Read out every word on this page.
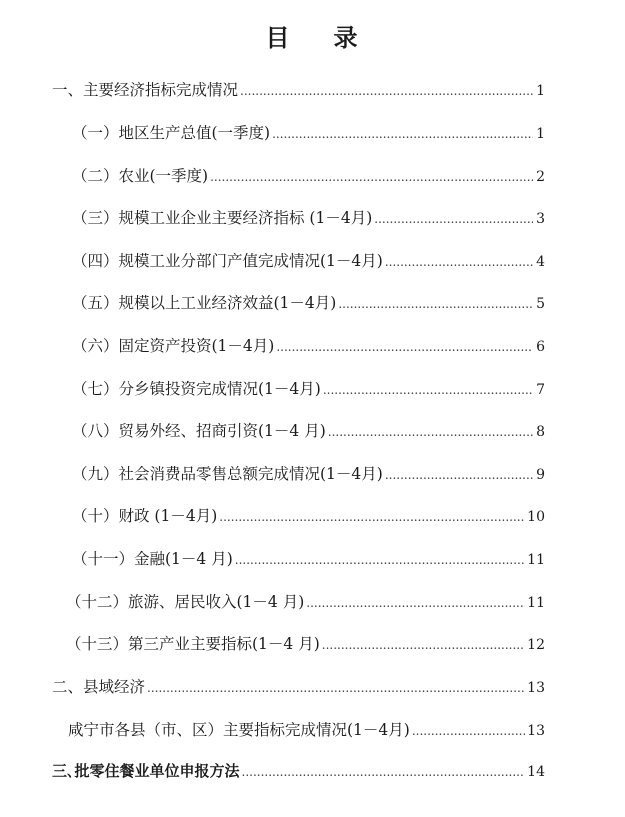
目 录
一、主要经济指标完成情况 .....	1
（一）地区生产总值(一季度) .....	1
（二）农业(一季度) .....	2
（三）规模工业企业主要经济指标 (1－4月) .....	3
（四）规模工业分部门产值完成情况(1－4月) .....	4
（五）规模以上工业经济效益(1－4月) .....	5
（六）固定资产投资(1－4月) .....	6
（七）分乡镇投资完成情况(1－4月) .....	7
（八）贸易外经、招商引资(1－4 月) .....	8
（九）社会消费品零售总额完成情况(1－4月) .....	9
（十）财政 (1－4月) .....	10
（十一）金融(1－4 月) .....	11
（十二）旅游、居民收入(1－4 月) .....	11
（十三）第三产业主要指标(1－4 月) .....	12
二、县域经济 .....	13
咸宁市各县（市、区）主要指标完成情况(1－4月) .....	13
三､批零住餐业单位申报方法 .....	14
